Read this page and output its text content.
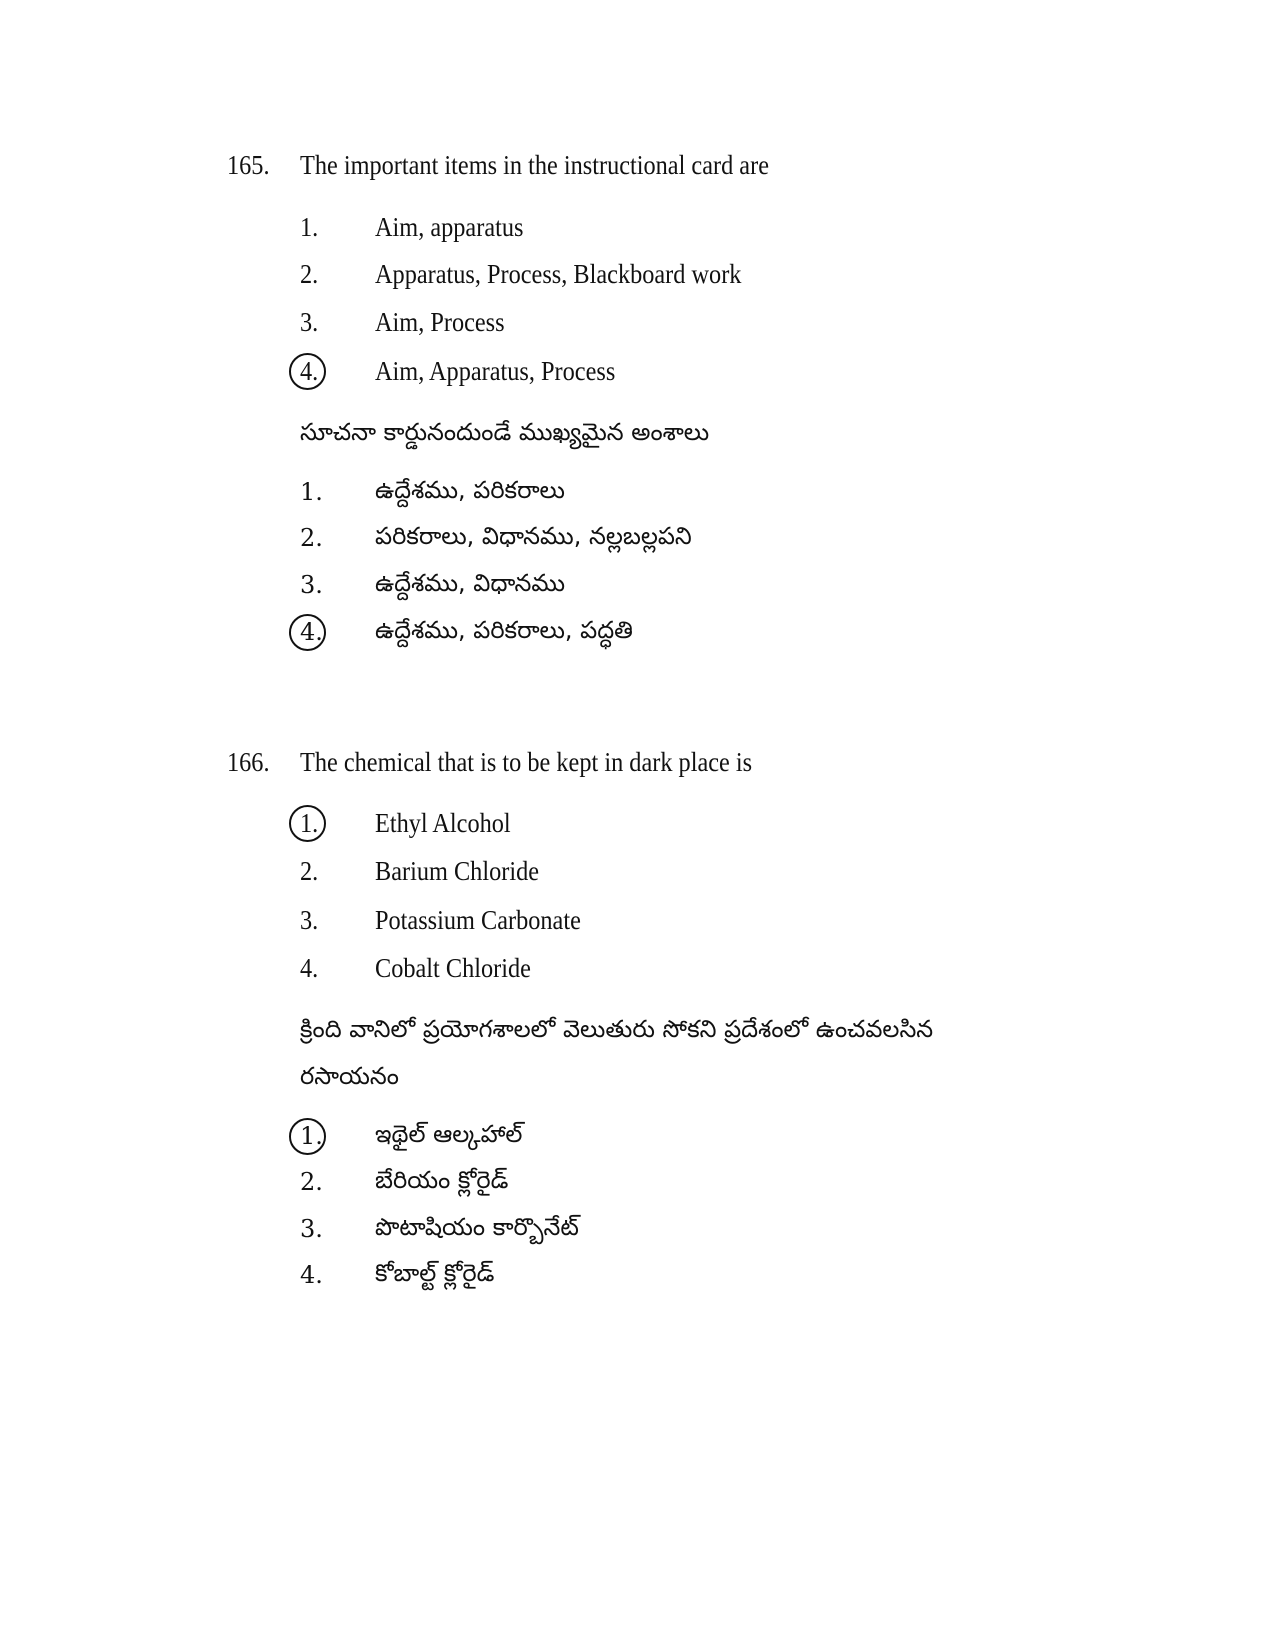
165. The important items in the instructional card are
1. Aim, apparatus
2. Apparatus, Process, Blackboard work
3. Aim, Process
4. Aim, Apparatus, Process
సూచనా కార్డునందుండే ముఖ్యమైన అంశాలు
1. ఉద్దేశము, పరికరాలు
2. పరికరాలు, విధానము, నల్లబల్లపని
3. ఉద్దేశము, విధానము
4. ఉద్దేశము, పరికరాలు, పద్ధతి
166. The chemical that is to be kept in dark place is
1. Ethyl Alcohol
2. Barium Chloride
3. Potassium Carbonate
4. Cobalt Chloride
క్రింది వానిలో ప్రయోగశాలలో వెలుతురు సోకని ప్రదేశంలో ఉంచవలసిన
రసాయనం
1. ఇథైల్ ఆల్కహాల్
2. బేరియం క్లోరైడ్
3. పొటాషియం కార్బొనేట్
4. కోబాల్ట్ క్లోరైడ్
